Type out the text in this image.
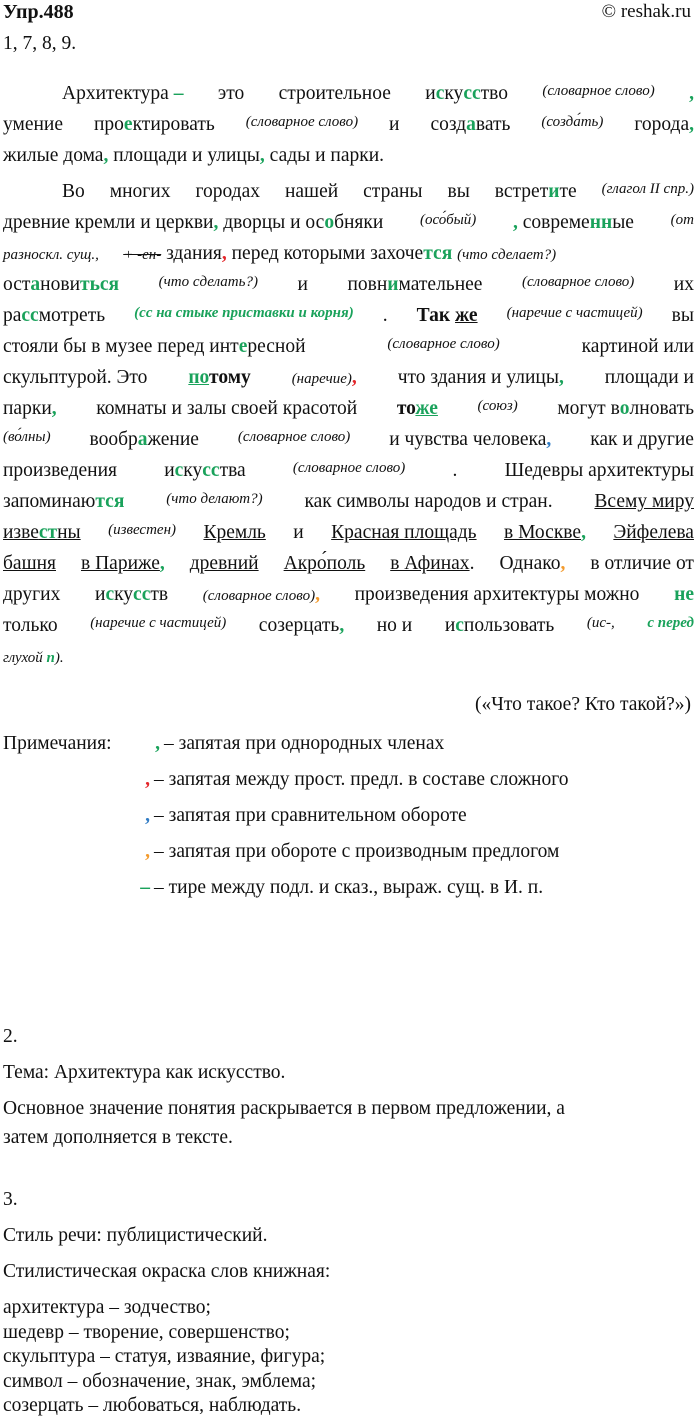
Упр.488	© reshak.ru
1, 7, 8, 9.
Архитектура – это строительное искусство (словарное слово) ,
умение проектировать (словарное слово) и создавать (созда́ть) города,
жилые дома, площади и улицы, сады и парки.
Во многих городах нашей страны вы встретите (глагол II спр.)
древние кремли и церкви, дворцы и особняки (осо́бый) , современные (от
разноскл. сущ., + -ен- здания, перед которыми захочется (что сделает?)
остановиться	(что сделать?) и повнимательнее	(словарное слово) их
рассмотреть (сс на стыке приставки и корня) . Так же (наречие с частицей) вы
стояли бы в музее перед интересной	(словарное слово)	картиной или
скульптурой. Это потому	(наречие), что здания и улицы, площади и
парки, комнаты и залы своей красотой тоже	(союз) могут волновать
(во́лны) воображение	(словарное слово) и чувства человека, как и другие
произведения искусства	(словарное слово) . Шедевры архитектуры
запоминаются	(что делают?) как символы народов и стран. Всему миру
известны (известен) Кремль и Красная площадь в Москве, Эйфелева
башня в Париже, древний Акро́поль в Афинах. Однако, в отличие от
других искусств (словарное слово), произведения архитектуры можно не
только (наречие с частицей) созерцать, но и использовать (ис-, с перед
глухой п).
(«Что такое? Кто такой?»)
Примечания:	, – запятая при однородных членах
, – запятая между прост. предл. в составе сложного
, – запятая при сравнительном обороте
, – запятая при обороте с производным предлогом
– – тире между подл. и сказ., выраж. сущ. в И. п.
2.
Тема: Архитектура как искусство.
Основное значение понятия раскрывается в первом предложении, а
затем дополняется в тексте.
3.
Стиль речи: публицистический.
Стилистическая окраска слов книжная:
архитектура – зодчество;
шедевр – творение, совершенство;
скульптура – статуя, изваяние, фигура;
символ – обозначение, знак, эмблема;
созерцать – любоваться, наблюдать.
